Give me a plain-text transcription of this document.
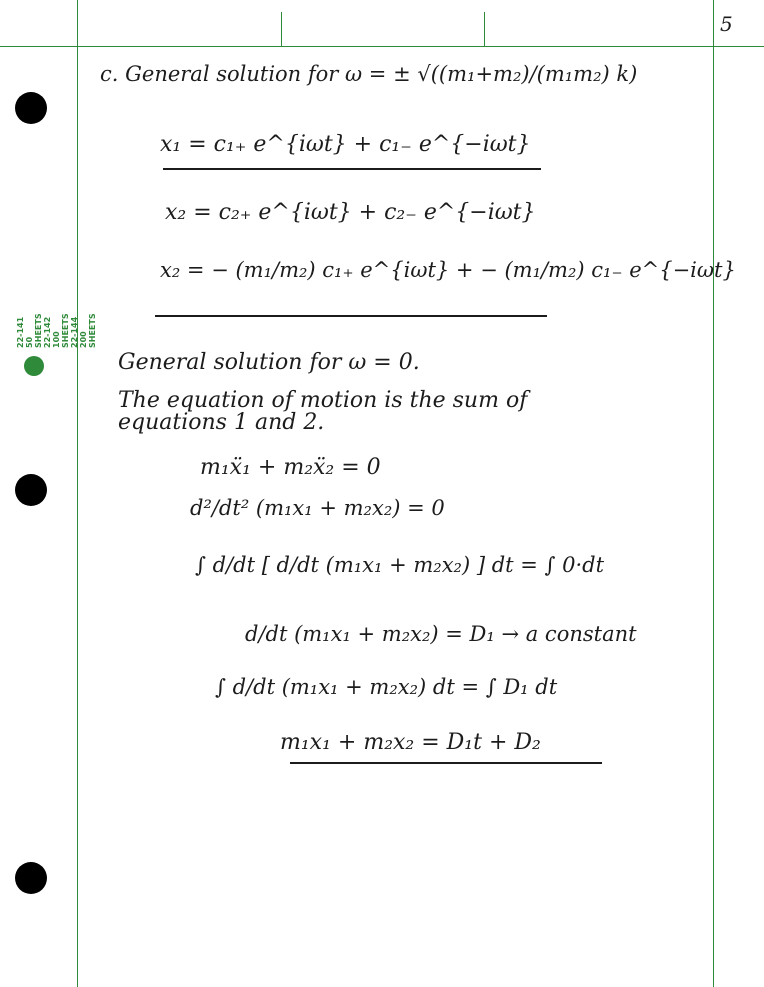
5
22-141 50 SHEETS 22-142 100 SHEETS 22-144 200 SHEETS
c. General solution for ω = ± √((m₁+m₂)/(m₁m₂) k)
x₁ = c₁₊ e^{iωt} + c₁₋ e^{−iωt}
x₂ = c₂₊ e^{iωt} + c₂₋ e^{−iωt}
x₂ = − (m₁/m₂) c₁₊ e^{iωt} + − (m₁/m₂) c₁₋ e^{−iωt}
General solution for ω = 0.
The equation of motion is the sum of
equations 1 and 2.
m₁ẍ₁ + m₂ẍ₂ = 0
d²/dt² (m₁x₁ + m₂x₂) = 0
∫ d/dt [ d/dt (m₁x₁ + m₂x₂) ] dt = ∫ 0·dt
d/dt (m₁x₁ + m₂x₂) = D₁ → a constant
∫ d/dt (m₁x₁ + m₂x₂) dt = ∫ D₁ dt
m₁x₁ + m₂x₂ = D₁t + D₂
